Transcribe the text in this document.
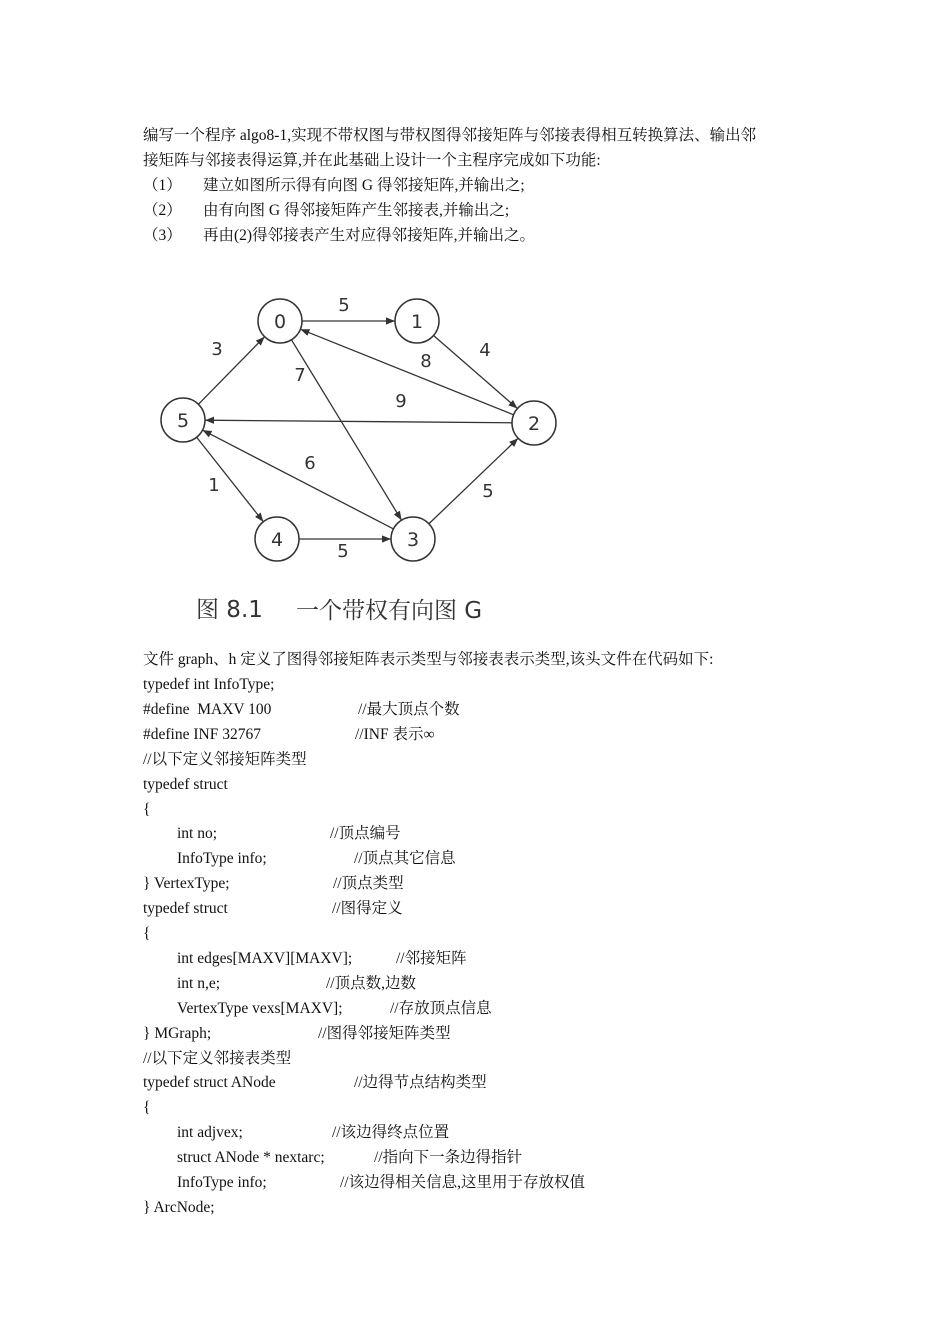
编写一个程序 algo8-1,实现不带权图与带权图得邻接矩阵与邻接表得相互转换算法、输出邻
接矩阵与邻接表得运算,并在此基础上设计一个主程序完成如下功能:
（1） 建立如图所示得有向图 G 得邻接矩阵,并输出之;
（2） 由有向图 G 得邻接矩阵产生邻接表,并输出之;
（3） 再由(2)得邻接表产生对应得邻接矩阵,并输出之。
5
4
8
9
7
3
6
1
5
5
0	1
2
3
4
5
图 8.1 一个带权有向图 G
文件 graph、h 定义了图得邻接矩阵表示类型与邻接表表示类型,该头文件在代码如下:
typedef int InfoType;
#define  MAXV 100	//最大顶点个数
#define INF 32767	//INF 表示∞
//以下定义邻接矩阵类型
typedef struct
{
int no;	//顶点编号
InfoType info;	//顶点其它信息
} VertexType;	//顶点类型
typedef struct	//图得定义
{
int edges[MAXV][MAXV];	//邻接矩阵
int n,e;	//顶点数,边数
VertexType vexs[MAXV];	//存放顶点信息
} MGraph;	//图得邻接矩阵类型
//以下定义邻接表类型
typedef struct ANode	//边得节点结构类型
{
int adjvex;	//该边得终点位置
struct ANode * nextarc;	//指向下一条边得指针
InfoType info;	//该边得相关信息,这里用于存放权值
} ArcNode;
